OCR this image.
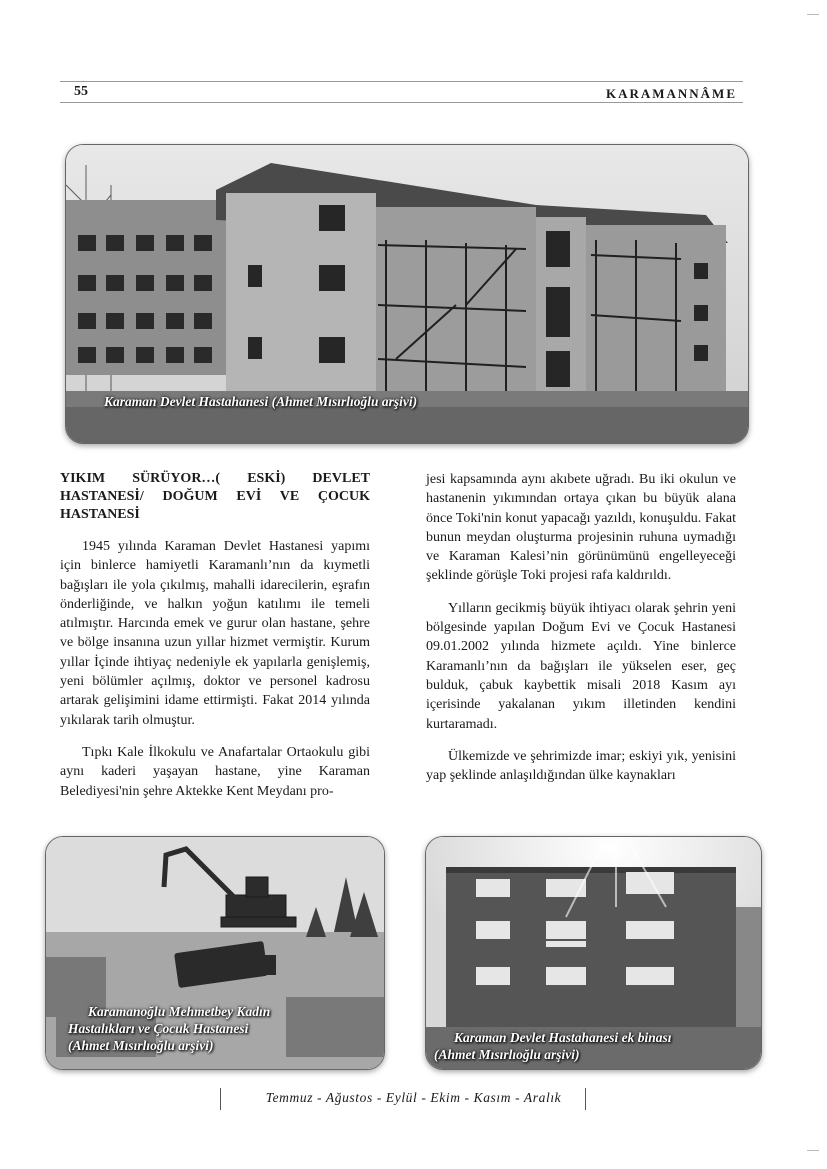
55	KARAMANNÂME
Karaman Devlet Hastahanesi (Ahmet Mısırlıoğlu arşivi)
YIKIM SÜRÜYOR…( ESKİ) DEVLET HASTANESİ/ DOĞUM EVİ VE ÇOCUK HASTANESİ

1945 yılında Karaman Devlet Hastanesi yapımı için binlerce hamiyetli Karamanlı’nın da kıymetli bağışları ile yola çıkılmış, mahalli idarecilerin, eşrafın önderliğinde, ve halkın yoğun katılımı ile temeli atılmıştır. Harcında emek ve gurur olan hastane, şehre ve bölge insanına uzun yıllar hizmet vermiştir. Kurum yıllar İçinde ihtiyaç nedeniyle ek yapılarla genişlemiş, yeni bölümler açılmış, doktor ve personel kadrosu artarak gelişimini idame ettirmişti. Fakat 2014 yılında yıkılarak tarih olmuştur.

Tıpkı Kale İlkokulu ve Anafartalar Ortaokulu gibi aynı kaderi yaşayan hastane, yine Karaman Belediyesi'nin şehre Aktekke Kent Meydanı pro-

jesi kapsamında aynı akıbete uğradı. Bu iki okulun ve hastanenin yıkımından ortaya çıkan bu büyük alana önce Toki'nin konut yapacağı yazıldı, konuşuldu. Fakat bunun meydan oluşturma projesinin ruhuna uymadığı ve Karaman Kalesi’nin görünümünü engelleyeceği şeklinde görüşle Toki projesi rafa kaldırıldı.

Yılların gecikmiş büyük ihtiyacı olarak şehrin yeni bölgesinde yapılan Doğum Evi ve Çocuk Hastanesi 09.01.2002 yılında hizmete açıldı. Yine binlerce Karamanlı’nın da bağışları ile yükselen eser, geç bulduk, çabuk kaybettik misali 2018 Kasım ayı içerisinde yakalanan yıkım illetinden kendini kurtaramadı.

Ülkemizde ve şehrimizde imar; eskiyi yık, yenisini yap şeklinde anlaşıldığından ülke kaynakları

Karamanoğlu Mehmetbey Kadın
Hastalıkları ve Çocuk Hastanesi
(Ahmet Mısırlıoğlu arşivi)
Karaman Devlet Hastahanesi ek binası
(Ahmet Mısırlıoğlu arşivi)
Temmuz - Ağustos - Eylül - Ekim - Kasım - Aralık
